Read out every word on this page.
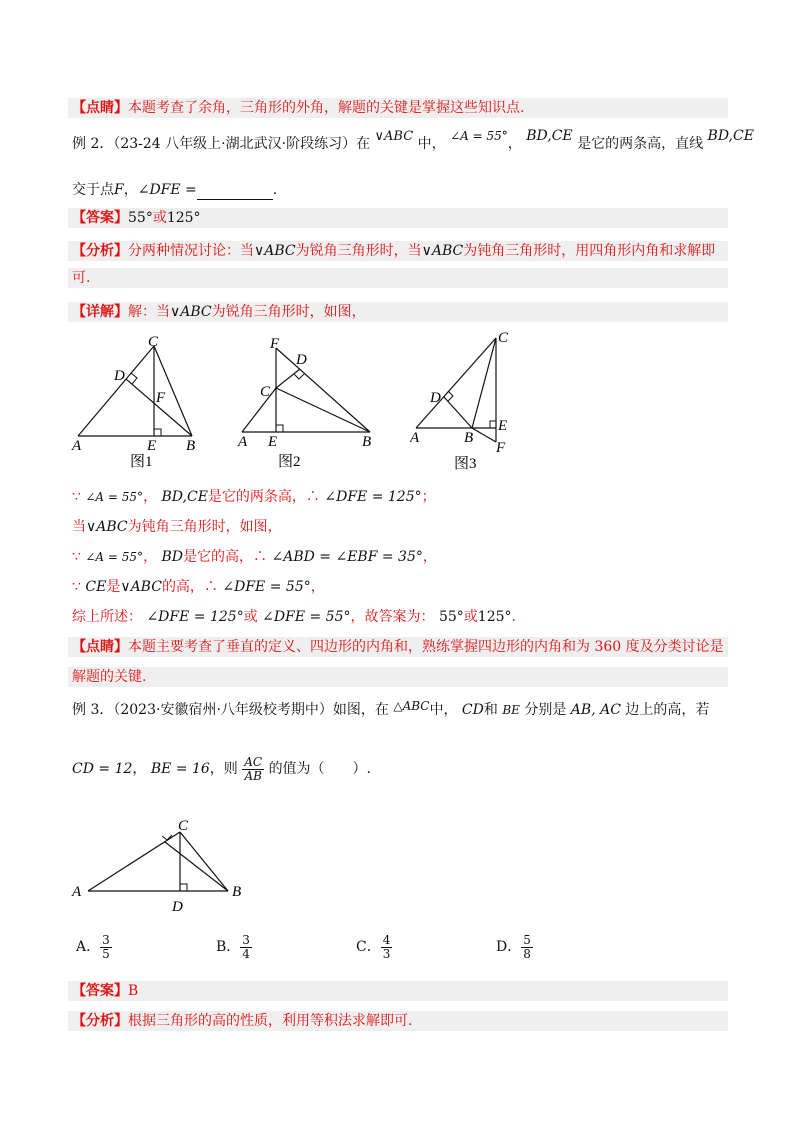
【点睛】本题考查了余角，三角形的外角，解题的关键是掌握这些知识点.
例 2．（23-24 八年级上·湖北武汉·阶段练习）在 ∨ABC 中， ∠A = 55°， BD,CE 是它的两条高，直线 BD,CE
交于点F，∠DFE =	.
【答案】55°或125°
【分析】分两种情况讨论：当∨ABC为锐角三角形时，当∨ABC为钝角三角形时，用四角形内角和求解即
可.
【详解】解：当∨ABC为锐角三角形时，如图，
C
D
F
A	E B
图1
F
D
C
A E	B
图2
C
D
A	B
E
F
图3
∵ ∠A = 55°， BD,CE是它的两条高，∴ ∠DFE = 125°；
当∨ABC为钝角三角形时，如图，
∵ ∠A = 55°， BD是它的高，∴ ∠ABD = ∠EBF = 35°，
∵ CE是∨ABC的高，∴ ∠DFE = 55°，
综上所述： ∠DFE = 125°或 ∠DFE = 55°，故答案为： 55°或125°.
【点睛】本题主要考查了垂直的定义、四边形的内角和，熟练掌握四边形的内角和为 360 度及分类讨论是
解题的关键.
例 3．（2023·安徽宿州·八年级校考期中）如图，在 △ABC中， CD和 BE 分别是 AB, AC 边上的高，若
CD = 12， BE = 16，则 $\frac{AC}{AB}$ 的值为（　　）.
C
A	B
D
A． $\frac{3}{5}$	B． $\frac{3}{4}$	C． $\frac{4}{3}$	D． $\frac{5}{8}$
【答案】B
【分析】根据三角形的高的性质，利用等积法求解即可.
